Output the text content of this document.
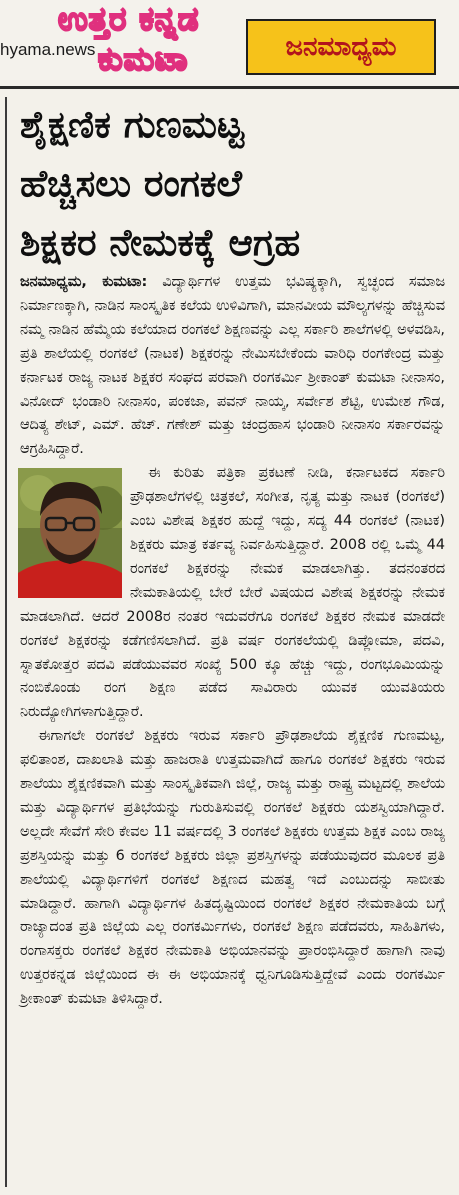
hyama.news	ಜನಮಾಧ್ಯಮ
ಉತ್ತರ ಕನ್ನಡ
ಕುಮಟಾ
ಶೈಕ್ಷಣಿಕ ಗುಣಮಟ್ಟ
ಹೆಚ್ಚಿಸಲು ರಂಗಕಲೆ
ಶಿಕ್ಷಕರ ನೇಮಕಕ್ಕೆ ಆಗ್ರಹ

ಜನಮಾಧ್ಯಮ, ಕುಮಟಾ: ವಿದ್ಯಾರ್ಥಿಗಳ ಉತ್ತಮ ಭವಿಷ್ಯಕ್ಕಾಗಿ, ಸ್ವಚ್ಛಂದ ಸಮಾಜ ನಿರ್ಮಾಣಕ್ಕಾಗಿ, ನಾಡಿನ ಸಾಂಸ್ಕೃತಿಕ ಕಲೆಯ ಉಳಿವಿಗಾಗಿ, ಮಾನವೀಯ ಮೌಲ್ಯಗಳನ್ನು ಹೆಚ್ಚಿಸುವ ನಮ್ಮ ನಾಡಿನ ಹೆಮ್ಮೆಯ ಕಲೆಯಾದ ರಂಗಕಲೆ ಶಿಕ್ಷಣವನ್ನು ಎಲ್ಲ ಸರ್ಕಾರಿ ಶಾಲೆಗಳಲ್ಲಿ ಅಳವಡಿಸಿ, ಪ್ರತಿ ಶಾಲೆಯಲ್ಲಿ ರಂಗಕಲೆ (ನಾಟಕ) ಶಿಕ್ಷಕರನ್ನು ನೇಮಿಸಬೇಕೆಂದು ವಾರಿಧಿ ರಂಗಕೇಂದ್ರ ಮತ್ತು ಕರ್ನಾಟಕ ರಾಜ್ಯ ನಾಟಕ ಶಿಕ್ಷಕರ ಸಂಘದ ಪರವಾಗಿ ರಂಗಕರ್ಮಿ ಶ್ರೀಕಾಂತ್ ಕುಮಟಾ ನೀನಾಸಂ, ವಿನೋದ್ ಭಂಡಾರಿ ನೀನಾಸಂ, ಪಂಕಜಾ, ಪವನ್ ನಾಯ್ಕ, ಸರ್ವೇಶ ಶೆಟ್ಟಿ, ಉಮೇಶ ಗೌಡ, ಆದಿತ್ಯ ಶೇಟ್, ಎಮ್. ಹೆಚ್. ಗಣೇಶ್ ಮತ್ತು ಚಂದ್ರಹಾಸ ಭಂಡಾರಿ ನೀನಾಸಂ ಸರ್ಕಾರವನ್ನು ಆಗ್ರಹಿಸಿದ್ದಾರೆ.

ಈ ಕುರಿತು ಪತ್ರಿಕಾ ಪ್ರಕಟಣೆ ನೀಡಿ, ಕರ್ನಾಟಕದ ಸರ್ಕಾರಿ ಪ್ರೌಢಶಾಲೆಗಳಲ್ಲಿ ಚಿತ್ರಕಲೆ, ಸಂಗೀತ, ನೃತ್ಯ ಮತ್ತು ನಾಟಕ (ರಂಗಕಲೆ) ಎಂಬ ವಿಶೇಷ ಶಿಕ್ಷಕರ ಹುದ್ದೆ ಇದ್ದು, ಸದ್ಯ 44 ರಂಗಕಲೆ (ನಾಟಕ) ಶಿಕ್ಷಕರು ಮಾತ್ರ ಕರ್ತವ್ಯ ನಿರ್ವಹಿಸುತ್ತಿದ್ದಾರೆ. 2008 ರಲ್ಲಿ ಒಮ್ಮೆ 44 ರಂಗಕಲೆ ಶಿಕ್ಷಕರನ್ನು ನೇಮಕ ಮಾಡಲಾಗಿತ್ತು. ತದನಂತರದ ನೇಮಕಾತಿಯಲ್ಲಿ ಬೇರೆ ಬೇರೆ ವಿಷಯದ ವಿಶೇಷ ಶಿಕ್ಷಕರನ್ನು ನೇಮಕ ಮಾಡಲಾಗಿದೆ. ಆದರೆ 2008ರ ನಂತರ ಇದುವರೆಗೂ ರಂಗಕಲೆ ಶಿಕ್ಷಕರ ನೇಮಕ ಮಾಡದೇ ರಂಗಕಲೆ ಶಿಕ್ಷಕರನ್ನು ಕಡೆಗಣಿಸಲಾಗಿದೆ. ಪ್ರತಿ ವರ್ಷ ರಂಗಕಲೆಯಲ್ಲಿ ಡಿಪ್ಲೋಮಾ, ಪದವಿ, ಸ್ನಾತಕೋತ್ತರ ಪದವಿ ಪಡೆಯುವವರ ಸಂಖ್ಯೆ 500 ಕ್ಕೂ ಹೆಚ್ಚು ಇದ್ದು, ರಂಗಭೂಮಿಯನ್ನು ನಂಬಿಕೊಂಡು ರಂಗ ಶಿಕ್ಷಣ ಪಡೆದ ಸಾವಿರಾರು ಯುವಕ ಯುವತಿಯರು ನಿರುದ್ಯೋಗಿಗಳಾಗುತ್ತಿದ್ದಾರೆ.

ಈಗಾಗಲೇ ರಂಗಕಲೆ ಶಿಕ್ಷಕರು ಇರುವ ಸರ್ಕಾರಿ ಪ್ರೌಢಶಾಲೆಯ ಶೈಕ್ಷಣಿಕ ಗುಣಮಟ್ಟ, ಫಲಿತಾಂಶ, ದಾಖಲಾತಿ ಮತ್ತು ಹಾಜರಾತಿ ಉತ್ತಮವಾಗಿದೆ ಹಾಗೂ ರಂಗಕಲೆ ಶಿಕ್ಷಕರು ಇರುವ ಶಾಲೆಯು ಶೈಕ್ಷಣಿಕವಾಗಿ ಮತ್ತು ಸಾಂಸ್ಕೃತಿಕವಾಗಿ ಜಿಲ್ಲೆ, ರಾಜ್ಯ ಮತ್ತು ರಾಷ್ಟ್ರ ಮಟ್ಟದಲ್ಲಿ ಶಾಲೆಯ ಮತ್ತು ವಿದ್ಯಾರ್ಥಿಗಳ ಪ್ರತಿಭೆಯನ್ನು ಗುರುತಿಸುವಲ್ಲಿ ರಂಗಕಲೆ ಶಿಕ್ಷಕರು ಯಶಸ್ವಿಯಾಗಿದ್ದಾರೆ. ಅಲ್ಲದೇ ಸೇವೆಗೆ ಸೇರಿ ಕೇವಲ 11 ವರ್ಷದಲ್ಲಿ 3 ರಂಗಕಲೆ ಶಿಕ್ಷಕರು ಉತ್ತಮ ಶಿಕ್ಷಕ ಎಂಬ ರಾಜ್ಯ ಪ್ರಶಸ್ತಿಯನ್ನು ಮತ್ತು 6 ರಂಗಕಲೆ ಶಿಕ್ಷಕರು ಜಿಲ್ಲಾ ಪ್ರಶಸ್ತಿಗಳನ್ನು ಪಡೆಯುವುದರ ಮೂಲಕ ಪ್ರತಿ ಶಾಲೆಯಲ್ಲಿ ವಿದ್ಯಾರ್ಥಿಗಳಿಗೆ ರಂಗಕಲೆ ಶಿಕ್ಷಣದ ಮಹತ್ವ ಇದೆ ಎಂಬುದನ್ನು ಸಾಬೀತು ಮಾಡಿದ್ದಾರೆ. ಹಾಗಾಗಿ ವಿದ್ಯಾರ್ಥಿಗಳ ಹಿತದೃಷ್ಟಿಯಿಂದ ರಂಗಕಲೆ ಶಿಕ್ಷಕರ ನೇಮಕಾತಿಯ ಬಗ್ಗೆ ರಾಜ್ಯಾದಂತ ಪ್ರತಿ ಜಿಲ್ಲೆಯ ಎಲ್ಲ ರಂಗಕರ್ಮಿಗಳು, ರಂಗಕಲೆ ಶಿಕ್ಷಣ ಪಡೆದವರು, ಸಾಹಿತಿಗಳು, ರಂಗಾಸಕ್ತರು ರಂಗಕಲೆ ಶಿಕ್ಷಕರ ನೇಮಕಾತಿ ಅಭಿಯಾನವನ್ನು ಪ್ರಾರಂಭಿಸಿದ್ದಾರೆ ಹಾಗಾಗಿ ನಾವು ಉತ್ತರಕನ್ನಡ ಜಿಲ್ಲೆಯಿಂದ ಈ ಈ ಅಭಿಯಾನಕ್ಕೆ ಧ್ವನಿಗೂಡಿಸುತ್ತಿದ್ದೇವೆ ಎಂದು ರಂಗಕರ್ಮಿ ಶ್ರೀಕಾಂತ್ ಕುಮಟಾ ತಿಳಿಸಿದ್ದಾರೆ.
